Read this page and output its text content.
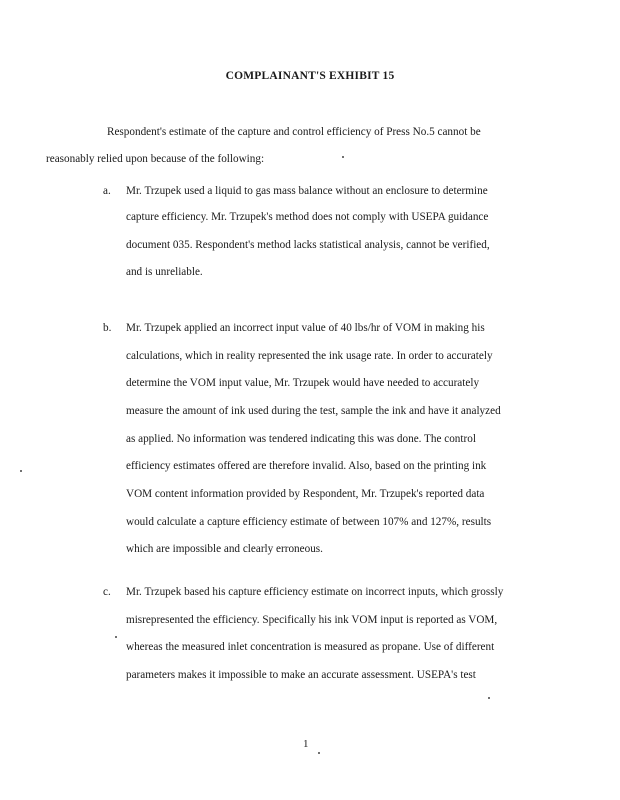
COMPLAINANT'S EXHIBIT 15
Respondent's estimate of the capture and control efficiency of Press No.5 cannot be
reasonably relied upon because of the following:
a. Mr. Trzupek used a liquid to gas mass balance without an enclosure to determine
capture efficiency. Mr. Trzupek's method does not comply with USEPA guidance
document 035. Respondent's method lacks statistical analysis, cannot be verified,
and is unreliable.
b. Mr. Trzupek applied an incorrect input value of 40 lbs/hr of VOM in making his
calculations, which in reality represented the ink usage rate. In order to accurately
determine the VOM input value, Mr. Trzupek would have needed to accurately
measure the amount of ink used during the test, sample the ink and have it analyzed
as applied. No information was tendered indicating this was done. The control
efficiency estimates offered are therefore invalid. Also, based on the printing ink
VOM content information provided by Respondent, Mr. Trzupek's reported data
would calculate a capture efficiency estimate of between 107% and 127%, results
which are impossible and clearly erroneous.
c. Mr. Trzupek based his capture efficiency estimate on incorrect inputs, which grossly
misrepresented the efficiency. Specifically his ink VOM input is reported as VOM,
whereas the measured inlet concentration is measured as propane. Use of different
parameters makes it impossible to make an accurate assessment. USEPA's test
1
